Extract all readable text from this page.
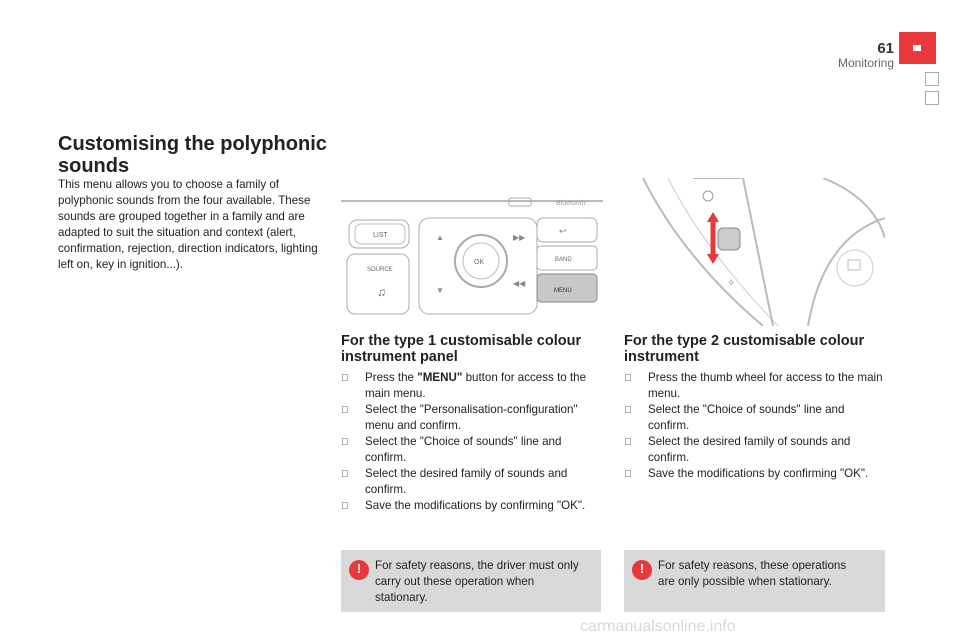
61
Monitoring
Customising the polyphonic sounds
This menu allows you to choose a family of polyphonic sounds from the four available. These sounds are grouped together in a family and are adapted to suit the situation and context (alert, confirmation, rejection, direction indicators, lighting left on, key in ignition...).
Bluetooth
LIST
SOURCE
♫
OK
▲
▼
▶▶
◀◀
↩
BAND
MENU
✧
For the type 1 customisable colour instrument panel
Press the "MENU" button for access to the main menu.
Select the "Personalisation-configuration" menu and confirm.
Select the "Choice of sounds" line and confirm.
Select the desired family of sounds and confirm.
Save the modifications by confirming "OK".
!	For safety reasons, the driver must only carry out these operation when stationary.
For the type 2 customisable colour instrument
Press the thumb wheel for access to the main menu.
Select the "Choice of sounds" line and confirm.
Select the desired family of sounds and confirm.
Save the modifications by confirming "OK".
!	For safety reasons, these operations are only possible when stationary.
carmanualsonline.info
